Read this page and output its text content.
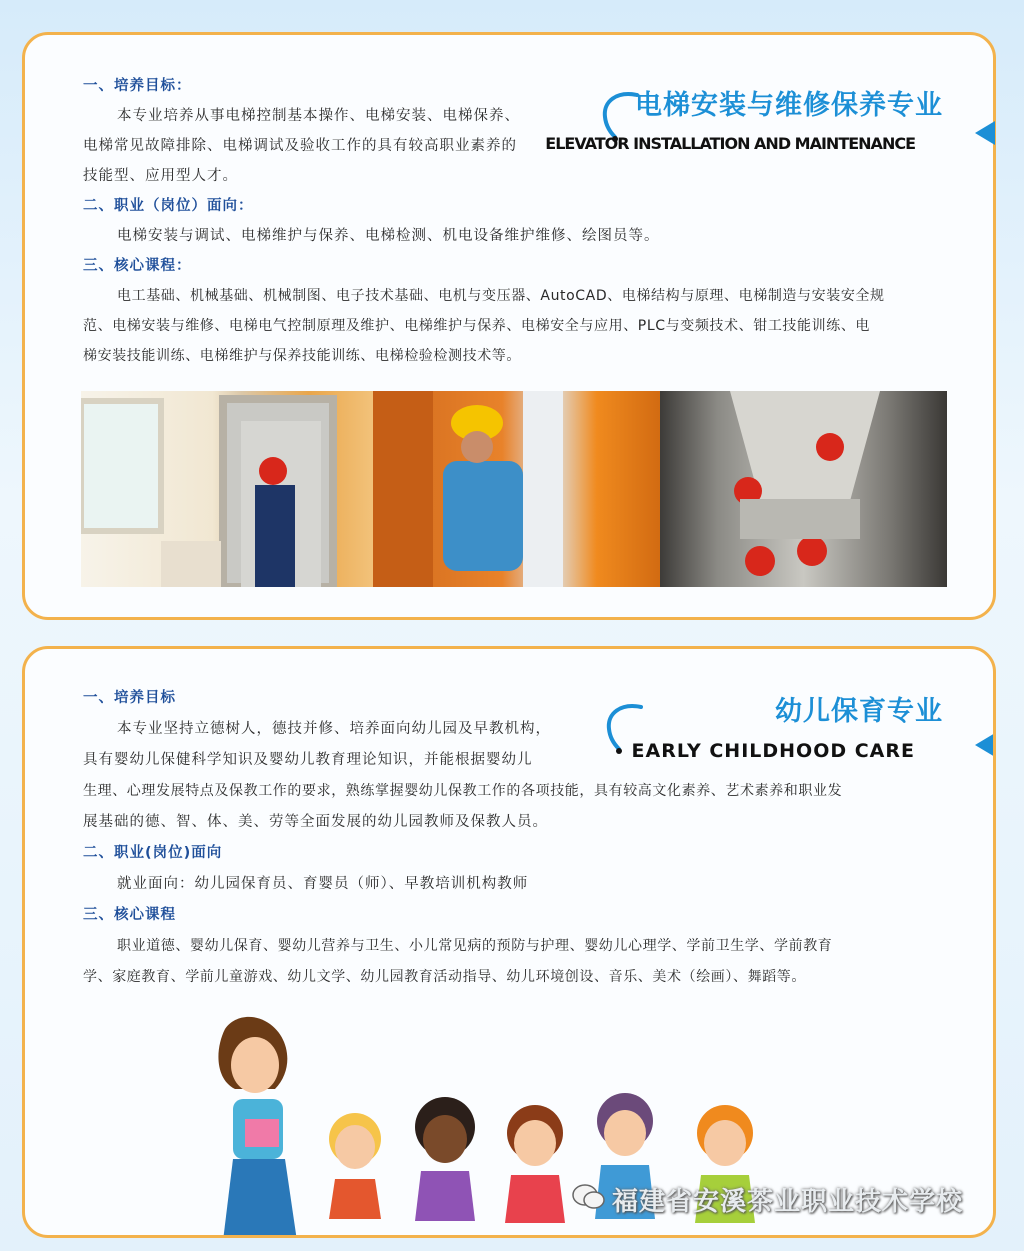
电梯安装与维修保养专业
ELEVATOR INSTALLATION AND MAINTENANCE
一、培养目标：
本专业培养从事电梯控制基本操作、电梯安装、电梯保养、
电梯常见故障排除、电梯调试及验收工作的具有较高职业素养的
技能型、应用型人才。
二、职业（岗位）面向：
电梯安装与调试、电梯维护与保养、电梯检测、机电设备维护维修、绘图员等。
三、核心课程：
电工基础、机械基础、机械制图、电子技术基础、电机与变压器、AutoCAD、电梯结构与原理、电梯制造与安装安全规
范、电梯安装与维修、电梯电气控制原理及维护、电梯维护与保养、电梯安全与应用、PLC与变频技术、钳工技能训练、电
梯安装技能训练、电梯维护与保养技能训练、电梯检验检测技术等。
幼儿保育专业
EARLY CHILDHOOD CARE
一、培养目标
本专业坚持立德树人，德技并修、培养面向幼儿园及早教机构，
具有婴幼儿保健科学知识及婴幼儿教育理论知识，并能根据婴幼儿
生理、心理发展特点及保教工作的要求，熟练掌握婴幼儿保教工作的各项技能，具有较高文化素养、艺术素养和职业发
展基础的德、智、体、美、劳等全面发展的幼儿园教师及保教人员。
二、职业(岗位)面向
就业面向：幼儿园保育员、育婴员（师）、早教培训机构教师
三、核心课程
职业道德、婴幼儿保育、婴幼儿营养与卫生、小儿常见病的预防与护理、婴幼儿心理学、学前卫生学、学前教育
学、家庭教育、学前儿童游戏、幼儿文学、幼儿园教育活动指导、幼儿环境创设、音乐、美术（绘画）、舞蹈等。
福建省安溪茶业职业技术学校
